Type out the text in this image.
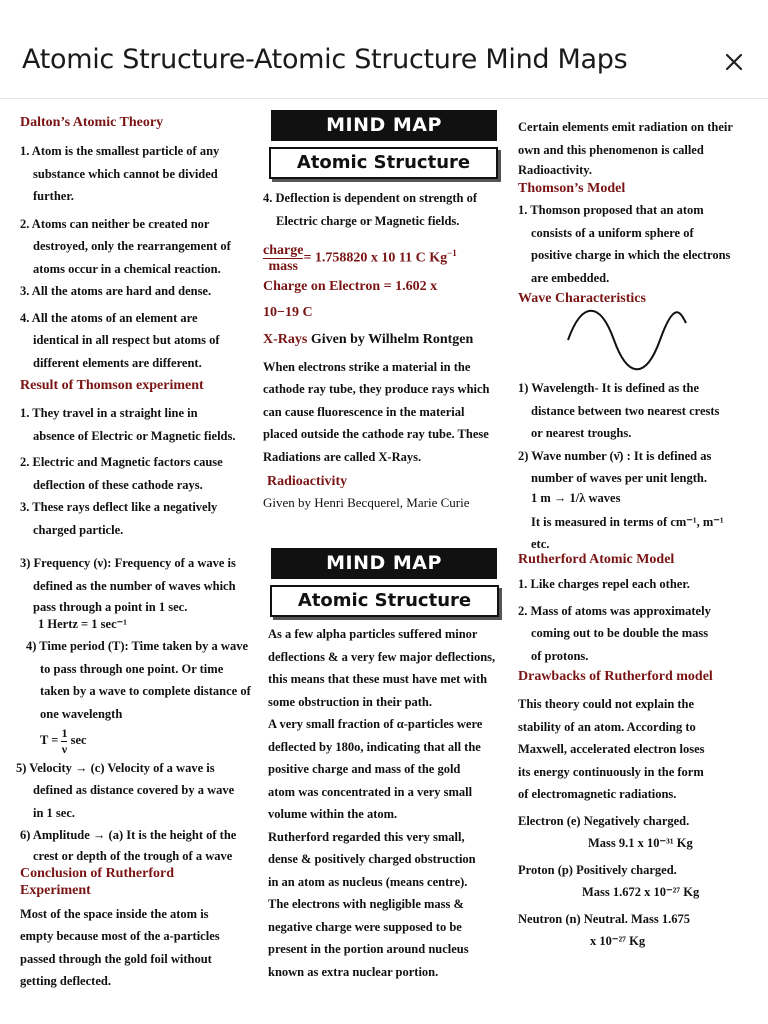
Atomic Structure-Atomic Structure Mind Maps

Dalton’s Atomic Theory

1. Atom is the smallest particle of any

substance which cannot be divided

further.

2. Atoms can neither be created nor

destroyed, only the rearrangement of

atoms occur in a chemical reaction.

3. All the atoms are hard and dense.

4. All the atoms of an element are

identical in all respect but atoms of

different elements are different.

Result of Thomson experiment

1. They travel in a straight line in

absence of Electric or Magnetic fields.

2. Electric and Magnetic factors cause

deflection of these cathode rays.

3. These rays deflect like a negatively

charged particle.

MIND MAP
Atomic Structure

4. Deflection is dependent on strength of

Electric charge or Magnetic fields.

$\frac{\text{charge}}{\text{mass}} = 1.758820$ x 10 11 C $Kg^{-1}$

Charge on Electron = 1.602 x

10−19 C

X-Rays Given by Wilhelm Rontgen

When electrons strike a material in the

cathode ray tube, they produce rays which

can cause fluorescence in the material

placed outside the cathode ray tube. These

Radiations are called X-Rays.

Radioactivity

Given by Henri Becquerel, Marie Curie

Certain elements emit radiation on their

own and this phenomenon is called

Radioactivity.

Thomson’s Model

1. Thomson proposed that an atom

consists of a uniform sphere of

positive charge in which the electrons

are embedded.

Wave Characteristics

1) Wavelength- It is defined as the

distance between two nearest crests

or nearest troughs.

2) Wave number (ν̄) : It is defined as

number of waves per unit length.

1 m → 1/λ waves

It is measured in terms of cm⁻¹, m⁻¹

etc.

3) Frequency (ν): Frequency of a wave is

defined as the number of waves which

pass through a point in 1 sec.

1 Hertz = 1 sec⁻¹

4) Time period (T): Time taken by a wave

to pass through one point. Or time

taken by a wave to complete distance of

one wavelength

$T = \frac{1}{\nu}$ sec

5) Velocity → (c) Velocity of a wave is

defined as distance covered by a wave

in 1 sec.

6) Amplitude → (a) It is the height of the

crest or depth of the trough of a wave

Conclusion of Rutherford

Experiment

Most of the space inside the atom is

empty because most of the a-particles

passed through the gold foil without

getting deflected.

MIND MAP
Atomic Structure

As a few alpha particles suffered minor

deflections & a very few major deflections,

this means that these must have met with

some obstruction in their path.

A very small fraction of α-particles were

deflected by 180o, indicating that all the

positive charge and mass of the gold

atom was concentrated in a very small

volume within the atom.

Rutherford regarded this very small,

dense & positively charged obstruction

in an atom as nucleus (means centre).

The electrons with negligible mass &

negative charge were supposed to be

present in the portion around nucleus

known as extra nuclear portion.

Rutherford Atomic Model

1. Like charges repel each other.

2. Mass of atoms was approximately

coming out to be double the mass

of protons.

Drawbacks of Rutherford model

This theory could not explain the

stability of an atom. According to

Maxwell, accelerated electron loses

its energy continuously in the form

of electromagnetic radiations.

Electron (e) Negatively charged.

Mass 9.1 x 10⁻³¹ Kg

Proton (p) Positively charged.

Mass 1.672 x 10⁻²⁷ Kg

Neutron (n) Neutral. Mass 1.675

x 10⁻²⁷ Kg
